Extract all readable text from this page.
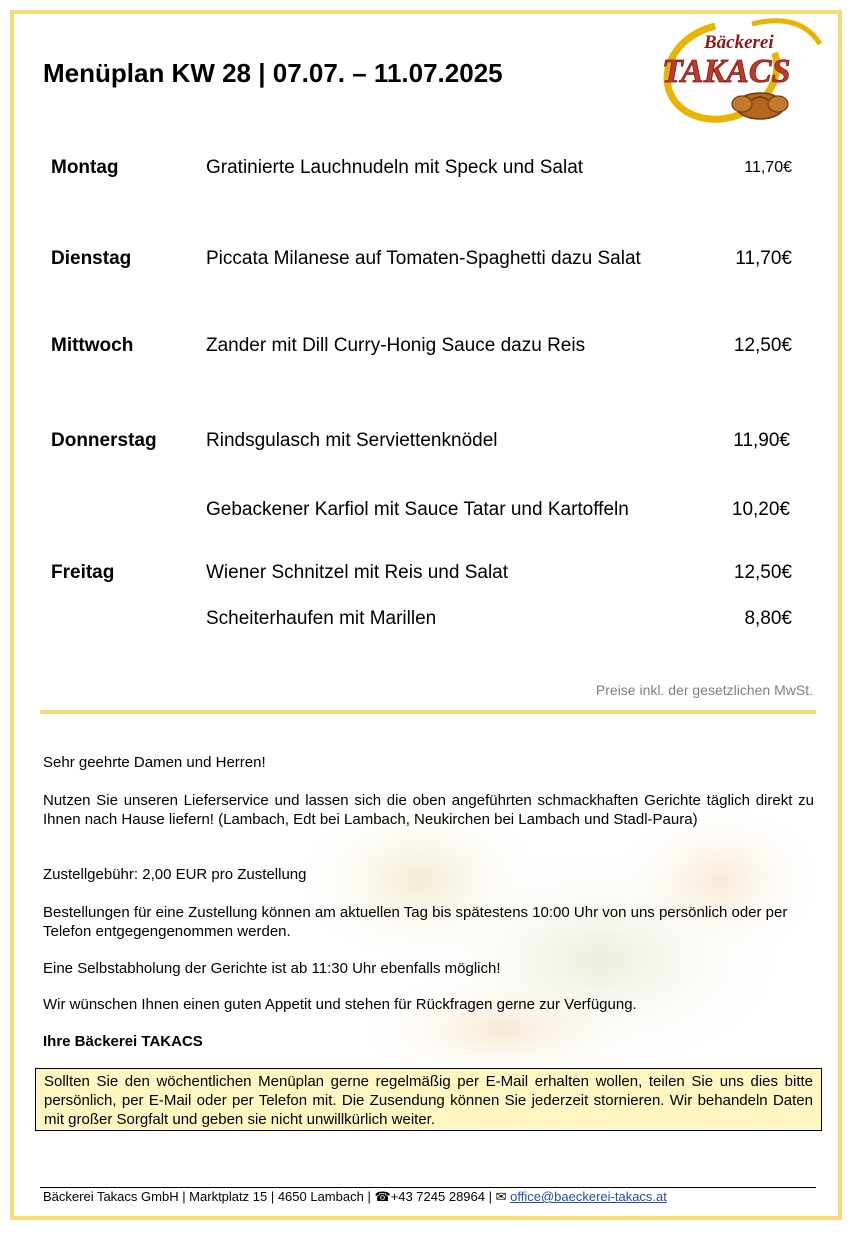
Menüplan KW 28 | 07.07. – 11.07.2025
Bäckerei
TAKACS
Montag	Gratinierte Lauchnudeln mit Speck und Salat	11,70€
Dienstag	Piccata Milanese auf Tomaten-Spaghetti dazu Salat	11,70€
Mittwoch	Zander mit Dill Curry-Honig Sauce dazu Reis	12,50€
Donnerstag	Rindsgulasch mit Serviettenknödel	11,90€
Gebackener Karfiol mit Sauce Tatar und Kartoffeln	10,20€
Freitag	Wiener Schnitzel mit Reis und Salat	12,50€
Scheiterhaufen mit Marillen	8,80€
Preise inkl. der gesetzlichen MwSt.
Sehr geehrte Damen und Herren!
Nutzen Sie unseren Lieferservice und lassen sich die oben angeführten schmackhaften Gerichte täglich direkt zu Ihnen nach Hause liefern! (Lambach, Edt bei Lambach, Neukirchen bei Lambach und Stadl-Paura)
Zustellgebühr: 2,00 EUR pro Zustellung
Bestellungen für eine Zustellung können am aktuellen Tag bis spätestens 10:00 Uhr von uns persönlich oder per Telefon entgegengenommen werden.
Eine Selbstabholung der Gerichte ist ab 11:30 Uhr ebenfalls möglich!
Wir wünschen Ihnen einen guten Appetit und stehen für Rückfragen gerne zur Verfügung.
Ihre Bäckerei TAKACS
Sollten Sie den wöchentlichen Menüplan gerne regelmäßig per E-Mail erhalten wollen, teilen Sie uns dies bitte persönlich, per E-Mail oder per Telefon mit. Die Zusendung können Sie jederzeit stornieren. Wir behandeln Daten mit großer Sorgfalt und geben sie nicht unwillkürlich weiter.
Bäckerei Takacs GmbH | Marktplatz 15 | 4650 Lambach | ☎+43 7245 28964 | ✉ office@baeckerei-takacs.at
